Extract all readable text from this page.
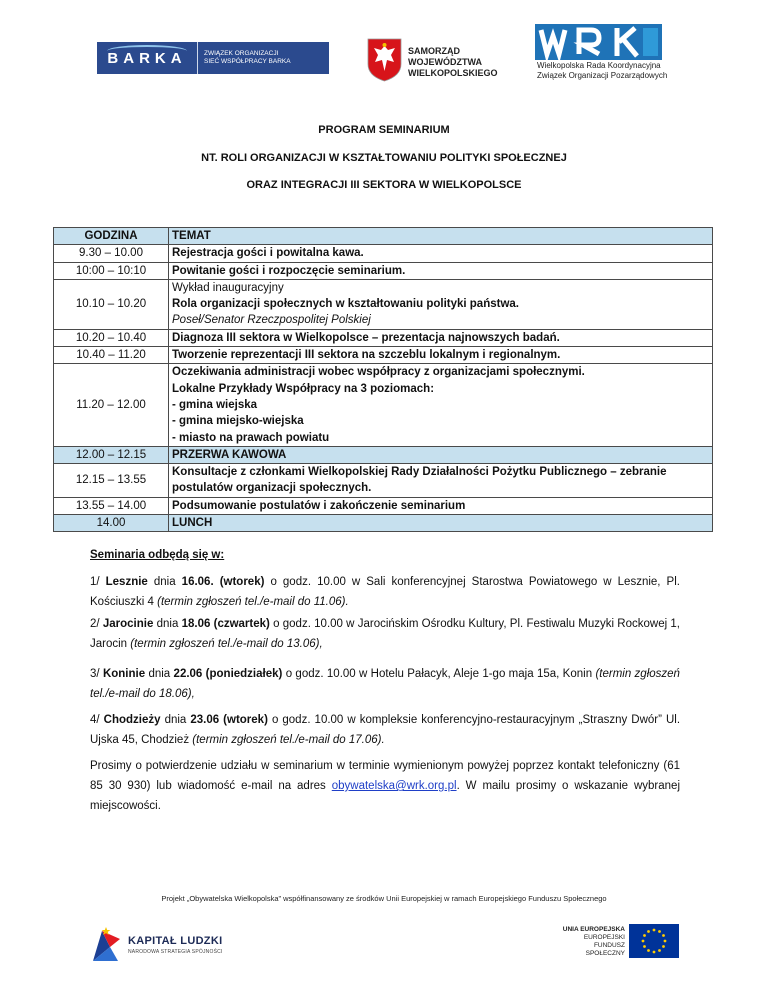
BARKA	ZWIĄZEK ORGANIZACJI
SIEĆ WSPÓŁPRACY BARKA
SAMORZĄD WOJEWÓDZTWA
WIELKOPOLSKIEGO
Wielkopolska Rada Koordynacyjna
Związek Organizacji Pozarządowych
PROGRAM SEMINARIUM
NT. ROLI ORGANIZACJI W KSZTAŁTOWANIU POLITYKI SPOŁECZNEJ
ORAZ INTEGRACJI III SEKTORA W WIELKOPOLSCE
GODZINA	TEMAT
9.30 – 10.00	Rejestracja gości i powitalna kawa.
10:00 – 10:10	Powitanie gości i rozpoczęcie seminarium.
10.10 – 10.20	Wykład inauguracyjny
Rola organizacji społecznych w kształtowaniu polityki państwa.
Poseł/Senator Rzeczpospolitej Polskiej

10.20 – 10.40	Diagnoza III sektora w Wielkopolsce – prezentacja najnowszych badań.
10.40 – 11.20	Tworzenie reprezentacji III sektora na szczeblu lokalnym i regionalnym.
11.20 – 12.00	Oczekiwania administracji wobec współpracy z organizacjami społecznymi.
Lokalne Przykłady Współpracy na 3 poziomach:
- gmina wiejska
- gmina miejsko-wiejska
- miasto na prawach powiatu

12.00 – 12.15	PRZERWA KAWOWA
12.15 – 13.55	Konsultacje z członkami Wielkopolskiej Rady Działalności Pożytku Publicznego – zebranie
postulatów organizacji społecznych.

13.55 – 14.00	Podsumowanie postulatów i zakończenie seminarium
14.00	LUNCH
Seminaria odbędą się w:
1/ Lesznie dnia 16.06. (wtorek) o godz. 10.00 w Sali konferencyjnej Starostwa Powiatowego w Lesznie, Pl. Kościuszki 4 (termin zgłoszeń tel./e-mail do 11.06).
2/ Jarocinie dnia 18.06 (czwartek) o godz. 10.00 w Jarocińskim Ośrodku Kultury, Pl. Festiwalu Muzyki Rockowej 1, Jarocin (termin zgłoszeń tel./e-mail do 13.06),
3/ Koninie dnia 22.06 (poniedziałek) o godz. 10.00 w Hotelu Pałacyk, Aleje 1-go maja 15a, Konin (termin zgłoszeń tel./e-mail do 18.06),
4/ Chodzieży dnia 23.06 (wtorek) o godz. 10.00 w kompleksie konferencyjno-restauracyjnym „Straszny Dwór” Ul. Ujska 45, Chodzież (termin zgłoszeń tel./e-mail do 17.06).
Prosimy o potwierdzenie udziału w seminarium w terminie wymienionym powyżej poprzez kontakt telefoniczny (61 85 30 930) lub wiadomość e-mail na adres obywatelska@wrk.org.pl. W mailu prosimy o wskazanie wybranej miejscowości.
Projekt „Obywatelska Wielkopolska” współfinansowany ze środków Unii Europejskiej w ramach Europejskiego Funduszu Społecznego
KAPITAŁ LUDZKI
NARODOWA STRATEGIA SPÓJNOŚCI
UNIA EUROPEJSKA
EUROPEJSKI
FUNDUSZ SPOŁECZNY
